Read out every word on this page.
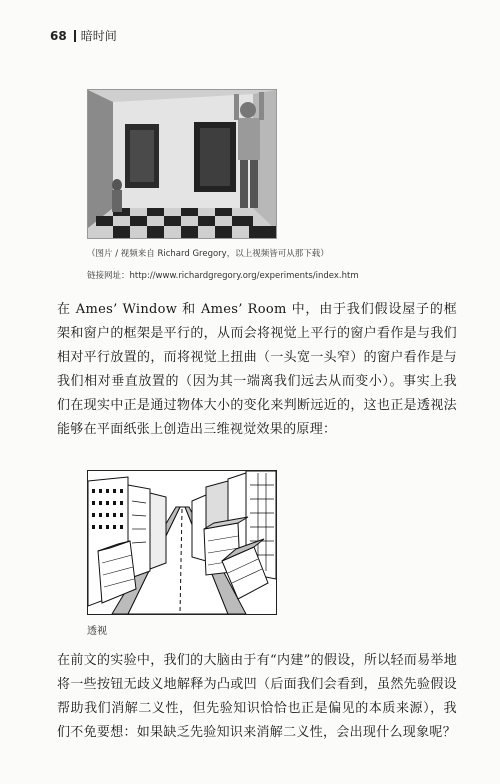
68 暗时间
（图片 / 视频来自 Richard Gregory，以上视频皆可从那下载）
链接网址：http://www.richardgregory.org/experiments/index.htm
在 Ames’ Window 和 Ames’ Room 中，由于我们假设屋子的框架和窗户的框架是平行的，从而会将视觉上平行的窗户看作是与我们相对平行放置的，而将视觉上扭曲（一头宽一头窄）的窗户看作是与我们相对垂直放置的（因为其一端离我们远去从而变小）。事实上我们在现实中正是通过物体大小的变化来判断远近的，这也正是透视法能够在平面纸张上创造出三维视觉效果的原理：
透视
在前文的实验中，我们的大脑由于有“内建”的假设，所以轻而易举地将一些按钮无歧义地解释为凸或凹（后面我们会看到，虽然先验假设帮助我们消解二义性，但先验知识恰恰也正是偏见的本质来源），我们不免要想：如果缺乏先验知识来消解二义性，会出现什么现象呢？
